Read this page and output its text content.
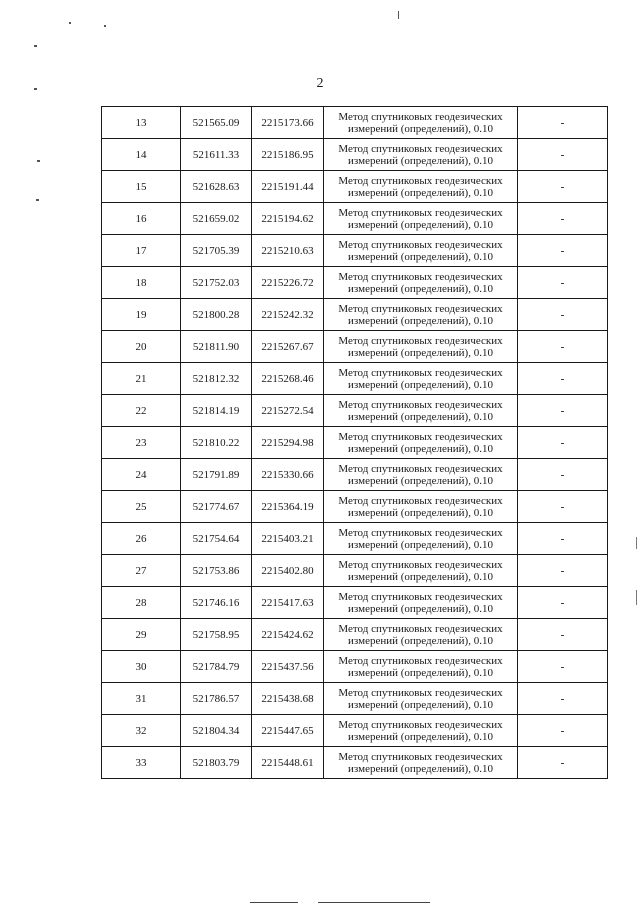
2
13	521565.09	2215173.66	Метод спутниковых геодезических
измерений (определений), 0.10	-
14	521611.33	2215186.95	Метод спутниковых геодезических
измерений (определений), 0.10	-
15	521628.63	2215191.44	Метод спутниковых геодезических
измерений (определений), 0.10	-
16	521659.02	2215194.62	Метод спутниковых геодезических
измерений (определений), 0.10	-
17	521705.39	2215210.63	Метод спутниковых геодезических
измерений (определений), 0.10	-
18	521752.03	2215226.72	Метод спутниковых геодезических
измерений (определений), 0.10	-
19	521800.28	2215242.32	Метод спутниковых геодезических
измерений (определений), 0.10	-
20	521811.90	2215267.67	Метод спутниковых геодезических
измерений (определений), 0.10	-
21	521812.32	2215268.46	Метод спутниковых геодезических
измерений (определений), 0.10	-
22	521814.19	2215272.54	Метод спутниковых геодезических
измерений (определений), 0.10	-
23	521810.22	2215294.98	Метод спутниковых геодезических
измерений (определений), 0.10	-
24	521791.89	2215330.66	Метод спутниковых геодезических
измерений (определений), 0.10	-
25	521774.67	2215364.19	Метод спутниковых геодезических
измерений (определений), 0.10	-
26	521754.64	2215403.21	Метод спутниковых геодезических
измерений (определений), 0.10	-
27	521753.86	2215402.80	Метод спутниковых геодезических
измерений (определений), 0.10	-
28	521746.16	2215417.63	Метод спутниковых геодезических
измерений (определений), 0.10	-
29	521758.95	2215424.62	Метод спутниковых геодезических
измерений (определений), 0.10	-
30	521784.79	2215437.56	Метод спутниковых геодезических
измерений (определений), 0.10	-
31	521786.57	2215438.68	Метод спутниковых геодезических
измерений (определений), 0.10	-
32	521804.34	2215447.65	Метод спутниковых геодезических
измерений (определений), 0.10	-
33	521803.79	2215448.61	Метод спутниковых геодезических
измерений (определений), 0.10	-
